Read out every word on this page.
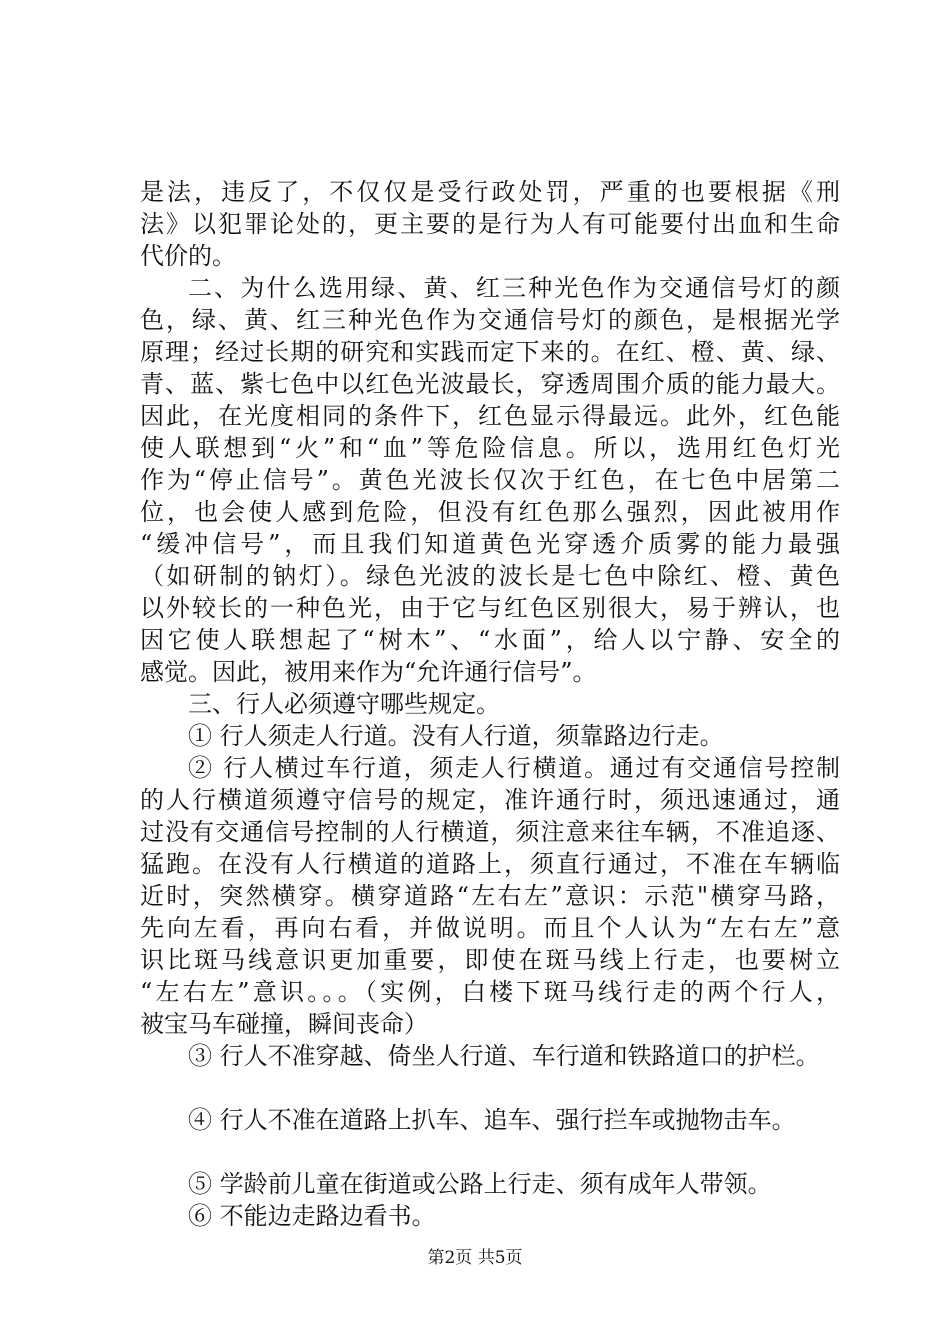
是法，违反了，不仅仅是受行政处罚，严重的也要根据《刑
法》以犯罪论处的，更主要的是行为人有可能要付出血和生命
代价的。
二、为什么选用绿、黄、红三种光色作为交通信号灯的颜
色，绿、黄、红三种光色作为交通信号灯的颜色，是根据光学
原理；经过长期的研究和实践而定下来的。在红、橙、黄、绿、
青、蓝、紫七色中以红色光波最长，穿透周围介质的能力最大。
因此，在光度相同的条件下，红色显示得最远。此外，红色能
使人联想到“火”和“血”等危险信息。所以，选用红色灯光
作为“停止信号”。黄色光波长仅次于红色，在七色中居第二
位，也会使人感到危险，但没有红色那么强烈，因此被用作
“缓冲信号”，而且我们知道黄色光穿透介质雾的能力最强
（如研制的钠灯）。绿色光波的波长是七色中除红、橙、黄色
以外较长的一种色光，由于它与红色区别很大，易于辨认，也
因它使人联想起了“树木”、“水面”，给人以宁静、安全的
感觉。因此，被用来作为“允许通行信号”。
三、行人必须遵守哪些规定。
① 行人须走人行道。没有人行道，须靠路边行走。
② 行人横过车行道，须走人行横道。通过有交通信号控制
的人行横道须遵守信号的规定，准许通行时，须迅速通过，通
过没有交通信号控制的人行横道，须注意来往车辆，不准追逐、
猛跑。在没有人行横道的道路上，须直行通过，不准在车辆临
近时，突然横穿。横穿道路“左右左”意识：示范"横穿马路，
先向左看，再向右看，并做说明。而且个人认为“左右左”意
识比斑马线意识更加重要，即使在斑马线上行走，也要树立
“左右左”意识。。。（实例，白楼下斑马线行走的两个行人，
被宝马车碰撞，瞬间丧命）
③ 行人不准穿越、倚坐人行道、车行道和铁路道口的护栏。
④ 行人不准在道路上扒车、追车、强行拦车或抛物击车。
⑤ 学龄前儿童在街道或公路上行走、须有成年人带领。
⑥ 不能边走路边看书。
第2页 共5页
